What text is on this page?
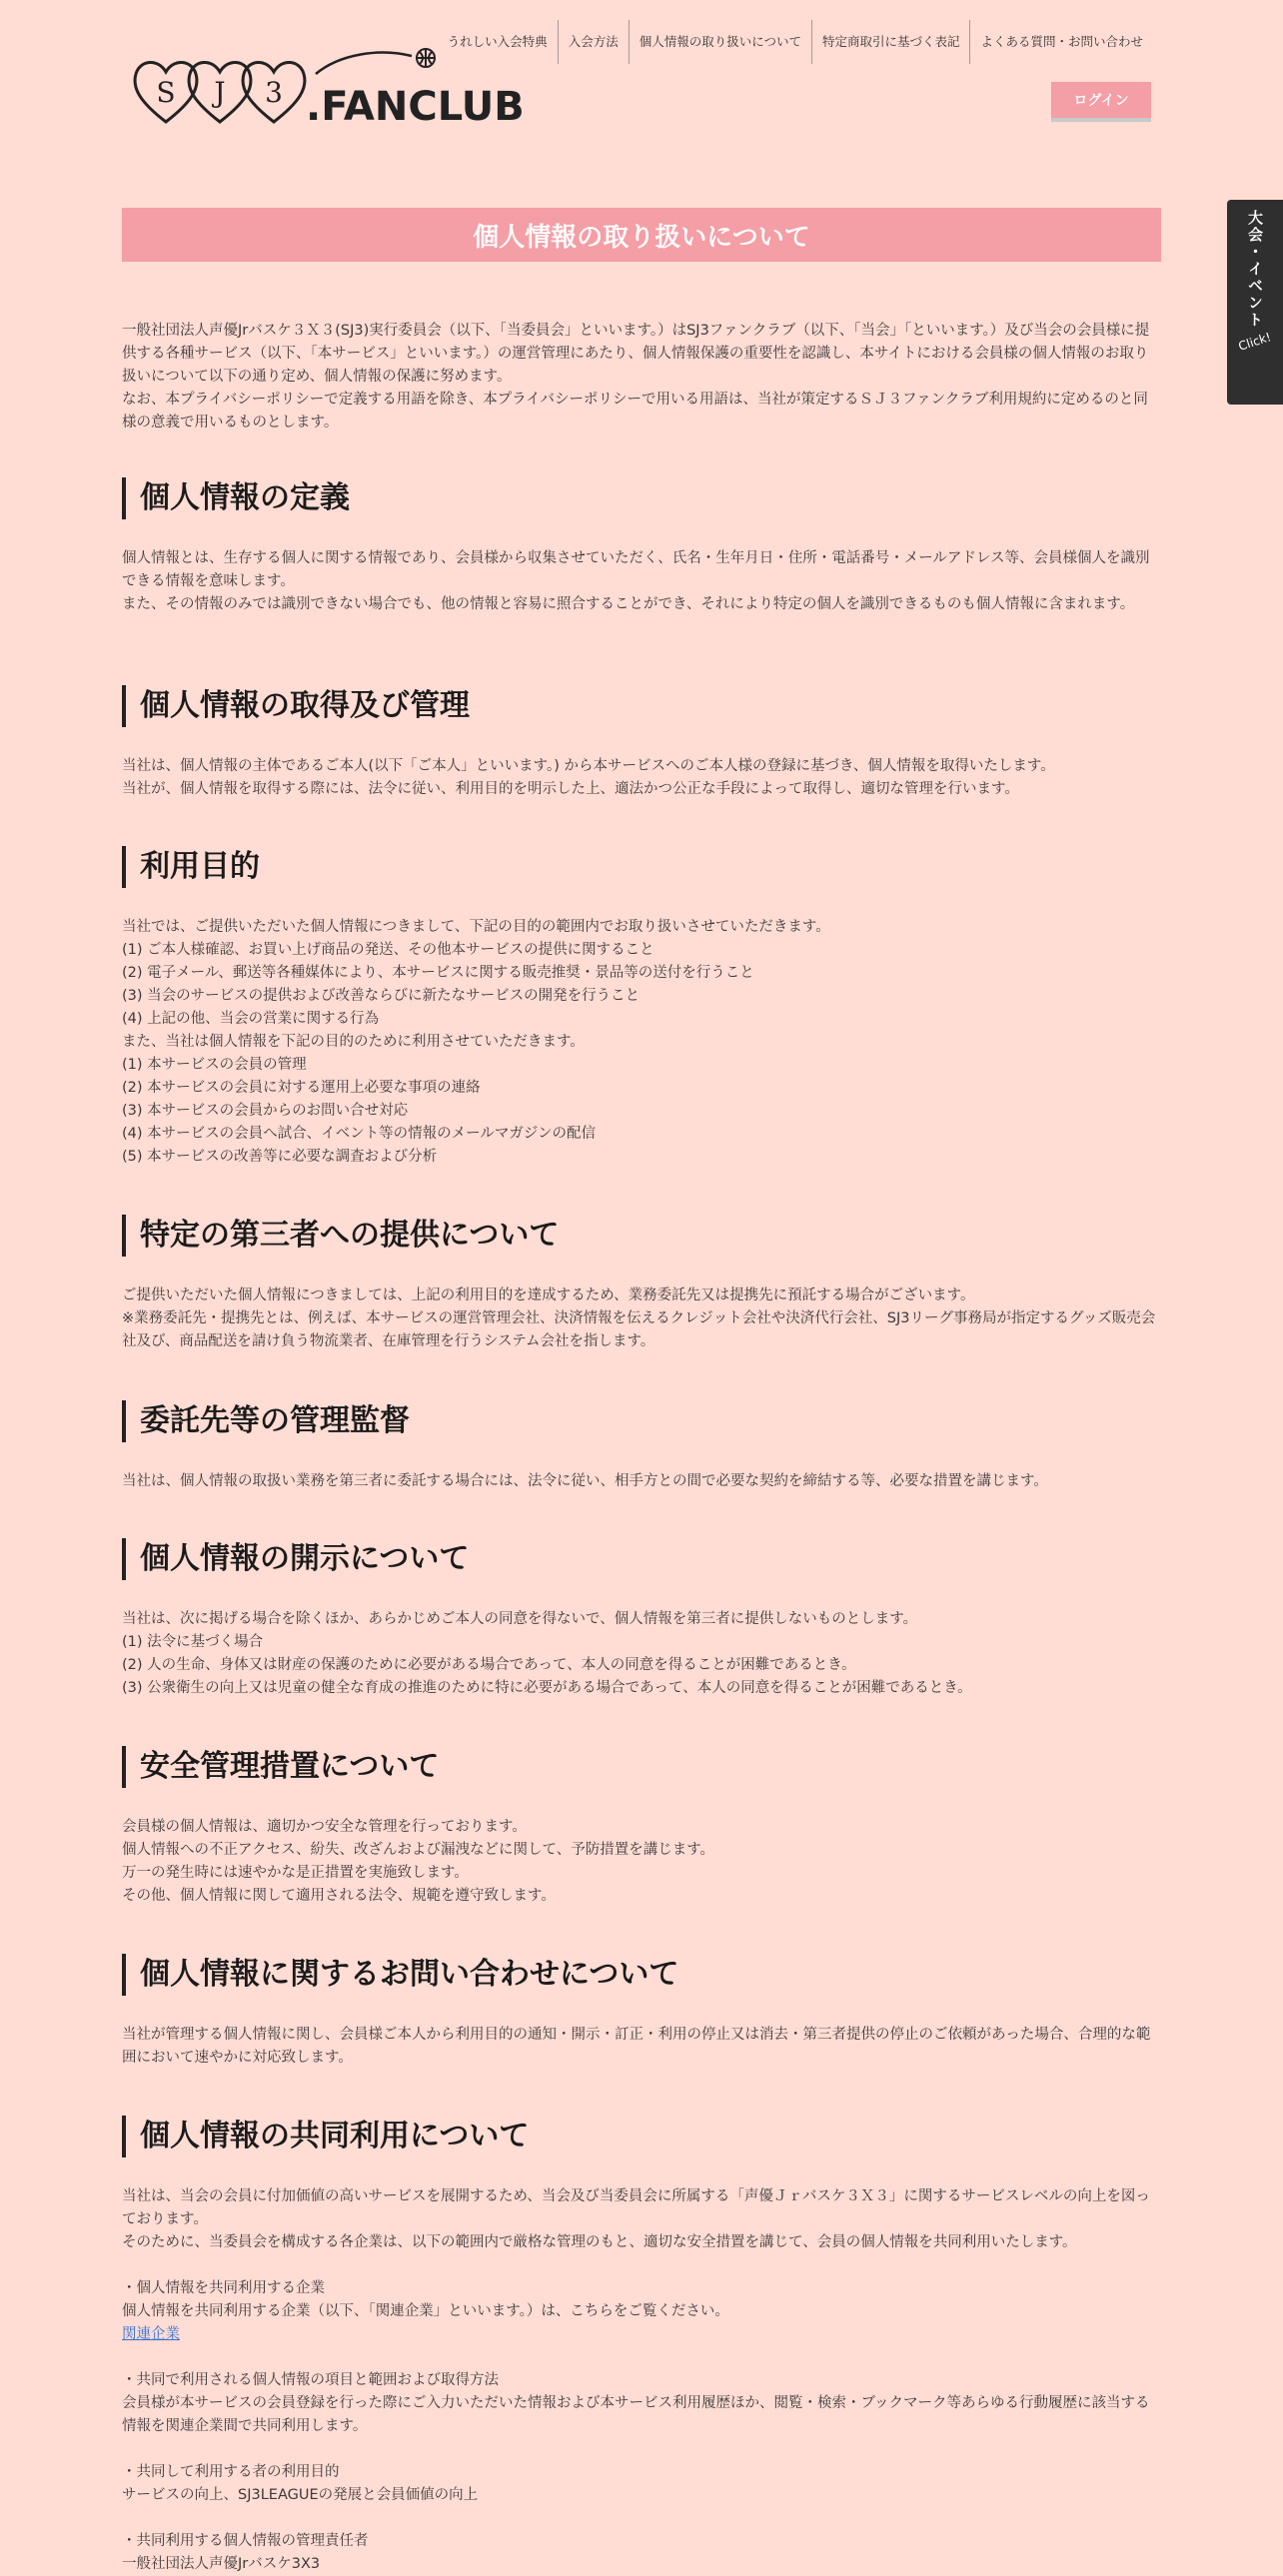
S J 3 .FANCLUB
うれしい入会特典	入会方法	個人情報の取り扱いについて	特定商取引に基づく表記	よくある質問・お問い合わせ
ログイン
大会・イベント
Click!
個人情報の取り扱いについて

一般社団法人声優Jrバスケ３Ｘ３(SJ3)実行委員会（以下、「当委員会」といいます。）はSJ3ファンクラブ（以下、「当会」「といいます。）及び当会の会員様に提供する各種サービス（以下、「本サービス」といいます。）の運営管理にあたり、個人情報保護の重要性を認識し、本サイトにおける会員様の個人情報のお取り扱いについて以下の通り定め、個人情報の保護に努めます。

なお、本プライバシーポリシーで定義する用語を除き、本プライバシーポリシーで用いる用語は、当社が策定するＳＪ３ファンクラブ利用規約に定めるのと同様の意義で用いるものとします。

個人情報の定義

個人情報とは、生存する個人に関する情報であり、会員様から収集させていただく、氏名・生年月日・住所・電話番号・メールアドレス等、会員様個人を識別できる情報を意味します。

また、その情報のみでは識別できない場合でも、他の情報と容易に照合することができ、それにより特定の個人を識別できるものも個人情報に含まれます。

個人情報の取得及び管理

当社は、個人情報の主体であるご本人(以下「ご本人」といいます。) から本サービスへのご本人様の登録に基づき、個人情報を取得いたします。

当社が、個人情報を取得する際には、法令に従い、利用目的を明示した上、適法かつ公正な手段によって取得し、適切な管理を行います。

利用目的

当社では、ご提供いただいた個人情報につきまして、下記の目的の範囲内でお取り扱いさせていただきます。

(1) ご本人様確認、お買い上げ商品の発送、その他本サービスの提供に関すること

(2) 電子メール、郵送等各種媒体により、本サービスに関する販売推奨・景品等の送付を行うこと

(3) 当会のサービスの提供および改善ならびに新たなサービスの開発を行うこと

(4) 上記の他、当会の営業に関する行為

また、当社は個人情報を下記の目的のために利用させていただきます。

(1) 本サービスの会員の管理

(2) 本サービスの会員に対する運用上必要な事項の連絡

(3) 本サービスの会員からのお問い合せ対応

(4) 本サービスの会員へ試合、イベント等の情報のメールマガジンの配信

(5) 本サービスの改善等に必要な調査および分析

特定の第三者への提供について

ご提供いただいた個人情報につきましては、上記の利用目的を達成するため、業務委託先又は提携先に預託する場合がございます。

※業務委託先・提携先とは、例えば、本サービスの運営管理会社、決済情報を伝えるクレジット会社や決済代行会社、SJ3リーグ事務局が指定するグッズ販売会社及び、商品配送を請け負う物流業者、在庫管理を行うシステム会社を指します。

委託先等の管理監督

当社は、個人情報の取扱い業務を第三者に委託する場合には、法令に従い、相手方との間で必要な契約を締結する等、必要な措置を講じます。

個人情報の開示について

当社は、次に掲げる場合を除くほか、あらかじめご本人の同意を得ないで、個人情報を第三者に提供しないものとします。

(1) 法令に基づく場合

(2) 人の生命、身体又は財産の保護のために必要がある場合であって、本人の同意を得ることが困難であるとき。

(3) 公衆衛生の向上又は児童の健全な育成の推進のために特に必要がある場合であって、本人の同意を得ることが困難であるとき。

安全管理措置について

会員様の個人情報は、適切かつ安全な管理を行っております。

個人情報への不正アクセス、紛失、改ざんおよび漏洩などに関して、予防措置を講じます。

万一の発生時には速やかな是正措置を実施致します。

その他、個人情報に関して適用される法令、規範を遵守致します。

個人情報に関するお問い合わせについて

当社が管理する個人情報に関し、会員様ご本人から利用目的の通知・開示・訂正・利用の停止又は消去・第三者提供の停止のご依頼があった場合、合理的な範囲において速やかに対応致します。

個人情報の共同利用について

当社は、当会の会員に付加価値の高いサービスを展開するため、当会及び当委員会に所属する「声優Ｊｒバスケ３Ｘ３」に関するサービスレベルの向上を図っております。

そのために、当委員会を構成する各企業は、以下の範囲内で厳格な管理のもと、適切な安全措置を講じて、会員の個人情報を共同利用いたします。

・個人情報を共同利用する企業

個人情報を共同利用する企業（以下、「関連企業」といいます。）は、こちらをご覧ください。

関連企業

・共同で利用される個人情報の項目と範囲および取得方法

会員様が本サービスの会員登録を行った際にご入力いただいた情報および本サービス利用履歴ほか、閲覧・検索・ブックマーク等あらゆる行動履歴に該当する情報を関連企業間で共同利用します。

・共同して利用する者の利用目的

サービスの向上、SJ3LEAGUEの発展と会員価値の向上

・共同利用する個人情報の管理責任者

一般社団法人声優Jrバスケ3X3
